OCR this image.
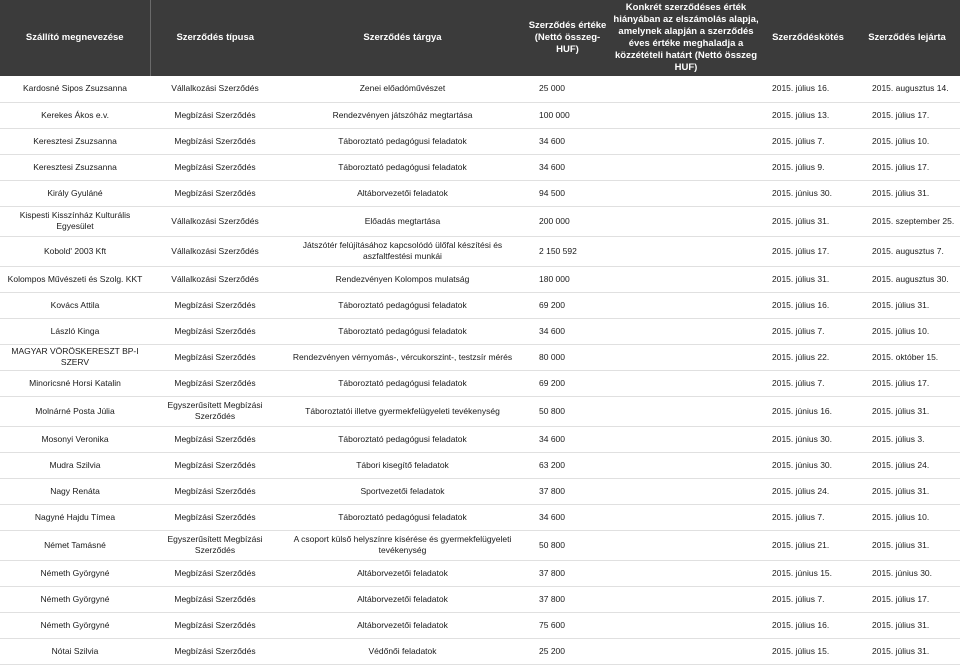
Szállító megnevezése	Szerződés típusa	Szerződés tárgya	Szerződés értéke (Nettó összeg-HUF)	Konkrét szerződéses érték hiányában az elszámolás alapja, amelynek alapján a szerződés éves értéke meghaladja a közzétételi határt (Nettó összeg HUF)	Szerződéskötés	Szerződés lejárta
Kardosné Sipos Zsuzsanna	Vállalkozási Szerződés	Zenei előadóművészet	25 000		2015. július 16.	2015. augusztus 14.
Kerekes Ákos e.v.	Megbízási Szerződés	Rendezvényen játszóház megtartása	100 000		2015. július 13.	2015. július 17.
Keresztesi Zsuzsanna	Megbízási Szerződés	Táboroztató pedagógusi feladatok	34 600		2015. július 7.	2015. július 10.
Keresztesi Zsuzsanna	Megbízási Szerződés	Táboroztató pedagógusi feladatok	34 600		2015. július 9.	2015. július 17.
Király Gyuláné	Megbízási Szerződés	Altáborvezetői feladatok	94 500		2015. június 30.	2015. július 31.
Kispesti Kisszínház Kulturális Egyesület	Vállalkozási Szerződés	Előadás megtartása	200 000		2015. július 31.	2015. szeptember 25.
Kobold' 2003 Kft	Vállalkozási Szerződés	Játszótér felújításához kapcsolódó ülőfal készítési és aszfaltfestési munkái	2 150 592		2015. július 17.	2015. augusztus 7.
Kolompos Művészeti és Szolg. KKT	Vállalkozási Szerződés	Rendezvényen Kolompos mulatság	180 000		2015. július 31.	2015. augusztus 30.
Kovács Attila	Megbízási Szerződés	Táboroztató pedagógusi feladatok	69 200		2015. július 16.	2015. július 31.
László Kinga	Megbízási Szerződés	Táboroztató pedagógusi feladatok	34 600		2015. július 7.	2015. július 10.
MAGYAR VÖRÖSKERESZT BP-I SZERV	Megbízási Szerződés	Rendezvényen vérnyomás-, vércukorszint-, testzsír mérés	80 000		2015. július 22.	2015. október 15.
Minoricsné Horsi Katalin	Megbízási Szerződés	Táboroztató pedagógusi feladatok	69 200		2015. július 7.	2015. július 17.
Molnárné Posta Júlia	Egyszerűsített Megbízási Szerződés	Táboroztatói illetve gyermekfelügyeleti tevékenység	50 800		2015. június 16.	2015. július 31.
Mosonyi Veronika	Megbízási Szerződés	Táboroztató pedagógusi feladatok	34 600		2015. június 30.	2015. július 3.
Mudra Szilvia	Megbízási Szerződés	Tábori kisegítő feladatok	63 200		2015. június 30.	2015. július 24.
Nagy Renáta	Megbízási Szerződés	Sportvezetői feladatok	37 800		2015. július 24.	2015. július 31.
Nagyné Hajdu Tímea	Megbízási Szerződés	Táboroztató pedagógusi feladatok	34 600		2015. július 7.	2015. július 10.
Német Tamásné	Egyszerűsített Megbízási Szerződés	A csoport külső helyszínre kísérése és gyermekfelügyeleti tevékenység	50 800		2015. július 21.	2015. július 31.
Németh Györgyné	Megbízási Szerződés	Altáborvezetői feladatok	37 800		2015. június 15.	2015. június 30.
Németh Györgyné	Megbízási Szerződés	Altáborvezetői feladatok	37 800		2015. július 7.	2015. július 17.
Németh Györgyné	Megbízási Szerződés	Altáborvezetői feladatok	75 600		2015. július 16.	2015. július 31.
Nótai Szilvia	Megbízási Szerződés	Védőnői feladatok	25 200		2015. július 15.	2015. július 31.
